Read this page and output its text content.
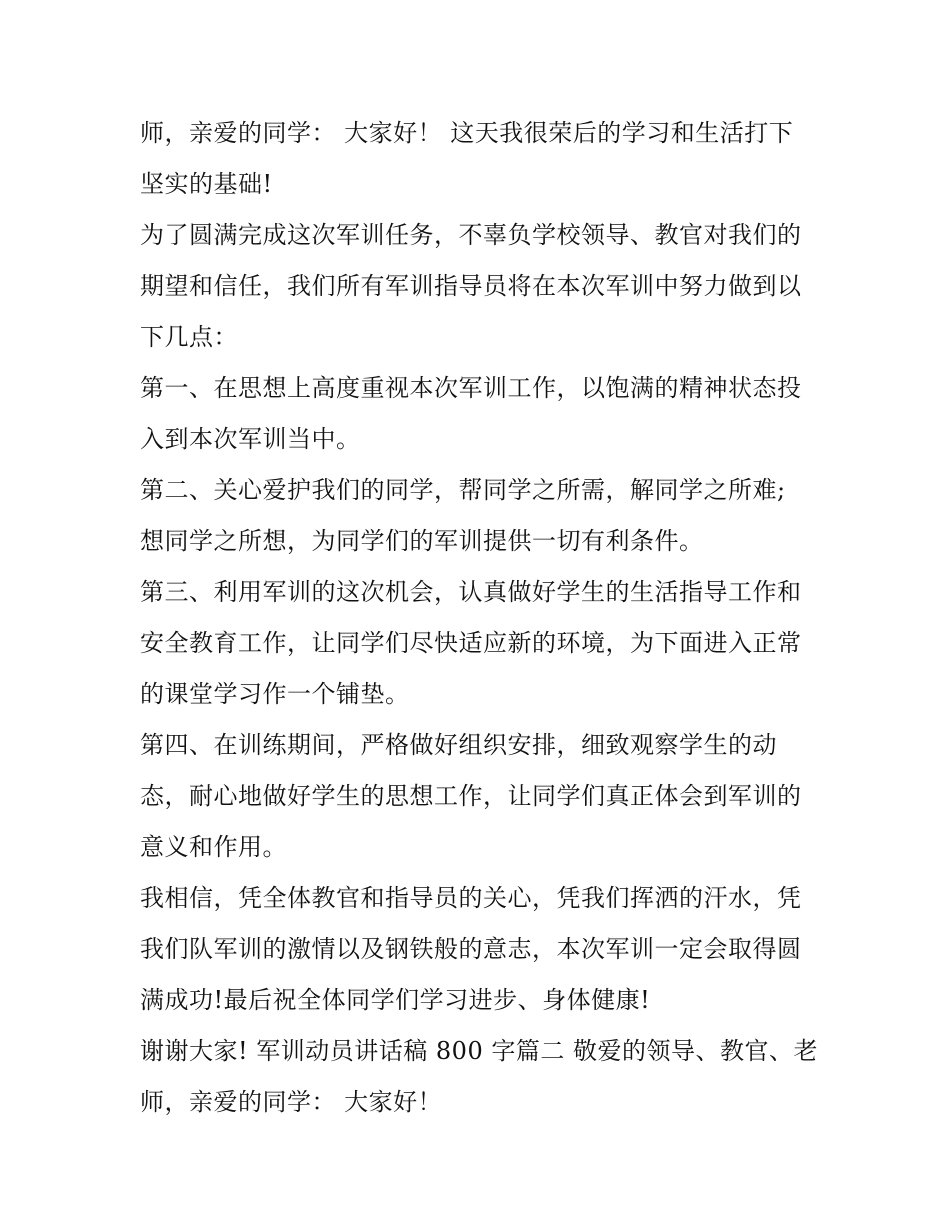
师，亲爱的同学： 大家好！ 这天我很荣后的学习和生活打下
坚实的基础!
为了圆满完成这次军训任务，不辜负学校领导、教官对我们的
期望和信任，我们所有军训指导员将在本次军训中努力做到以
下几点：
第一、在思想上高度重视本次军训工作，以饱满的精神状态投
入到本次军训当中。
第二、关心爱护我们的同学，帮同学之所需，解同学之所难;
想同学之所想，为同学们的军训提供一切有利条件。
第三、利用军训的这次机会，认真做好学生的生活指导工作和
安全教育工作，让同学们尽快适应新的环境，为下面进入正常
的课堂学习作一个铺垫。
第四、在训练期间，严格做好组织安排，细致观察学生的动
态，耐心地做好学生的思想工作，让同学们真正体会到军训的
意义和作用。
我相信，凭全体教官和指导员的关心，凭我们挥洒的汗水，凭
我们队军训的激情以及钢铁般的意志，本次军训一定会取得圆
满成功!最后祝全体同学们学习进步、身体健康!
谢谢大家! 军训动员讲话稿 800 字篇二 敬爱的领导、教官、老
师，亲爱的同学： 大家好！
